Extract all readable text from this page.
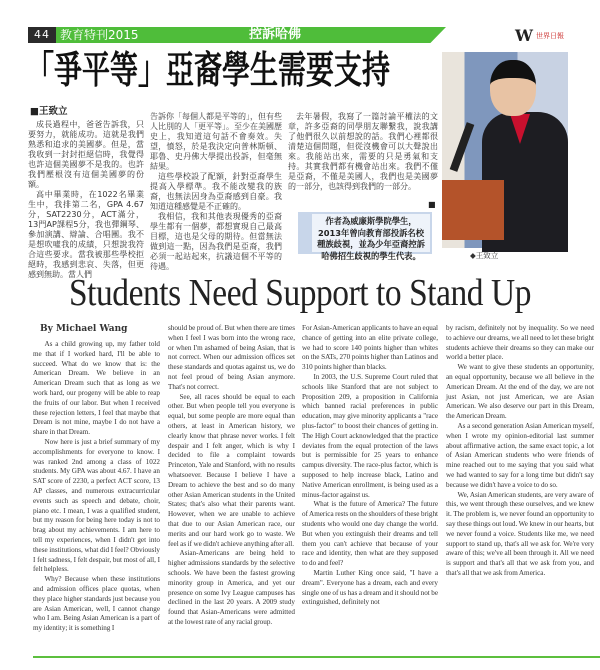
44 教育特刊2015	控訴哈佛	W 世界日報
「爭平等」亞裔學生需要支持
■王致立

成長過程中，爸爸告訴我，只要努力，就能成功。這就是我們熟悉和追求的美國夢。但是，當我收到一封封拒絕信時，我覺得也許這個美國夢不是我的。也許我們壓根沒有這個美國夢的份額。

高中畢業時，在1022名畢業生中，我排第二名，GPA 4.67分，SAT2230分，ACT滿分，13門AP課程5分，我也彈鋼琴、參加演講、辯論、合唱團。我不是想吹噓我的成績，只想說我符合這些要求。當我被那些學校拒絕時，我感到悲哀、失落，但更感到無助。當人們

告訴你「每個人都是平等的」，但有些人比別的人「更平等」。至少在美國歷史上，我知道這句話不會奏效。失望，憤怒，於是我決定向普林斯頓、耶魯、史丹佛大學提出投訴，但毫無結果。

這些學校設了配額，針對亞裔學生提高入學標準。我不能改變我的族裔，也無法因身為亞裔感到自豪。我知道這種感覺是不正確的。

我相信，我和其他表現優秀的亞裔學生都有一個夢，都想實現自己最高目標，這也是父母的期待。但當無法做到這一點，因為我們是亞裔，我們必須一起站起來，抗議這個不平等的待遇。

去年暑假，我寫了一篇討論平權法的文章，許多亞裔的同學朋友聯繫我，說我講了他們很久以前想說的話。我們心裡都很清楚這個問題，但從沒機會可以大聲說出來。我能站出來，需要的只是勇氣和支持。其實我們都有機會站出來。我們不僅是亞裔，不僅是美國人，我們也是美國夢的一部分，也該得到我們的一部分。

■
作者為威廉斯學院學生，2013年曾向教育部投訴名校種族歧視，並為少年亞裔控訴哈佛招生歧視的學生代表。	◆王致立
Students Need Support to Stand Up
By Michael Wang

As a child growing up, my father told me that if I worked hard, I'll be able to succeed. What do we know that is: the American Dream. We believe in an American Dream such that as long as we work hard, our progeny will be able to reap the fruits of our labor. But when I received these rejection letters, I feel that maybe that Dream is not mine, maybe I do not have a share in that Dream.

Now here is just a brief summary of my accomplishments for everyone to know. I was ranked 2nd among a class of 1022 students. My GPA was about 4.67. I have an SAT score of 2230, a perfect ACT score, 13 AP classes, and numerous extracurricular events such as speech and debate, choir, piano etc. I mean, I was a qualified student, but my reason for being here today is not to brag about my achievements. I am here to tell my experiences, when I didn't get into these institutions, what did I feel? Obviously I felt sadness, I felt despair, but most of all, I felt helpless.

Why? Because when these institutions and admission offices place quotas, when they place higher standards just because you are Asian American, well, I cannot change who I am. Being Asian American is a part of my identity; it is something I

should be proud of. But when there are times when I feel I was born into the wrong race, or when I'm ashamed of being Asian, that is not correct. When our admission offices set these standards and quotas against us, we do not feel proud of being Asian anymore. That's not correct.

See, all races should be equal to each other. But when people tell you everyone is equal, but some people are more equal than others, at least in American history, we clearly know that phrase never works. I felt despair and I felt anger, which is why I decided to file a complaint towards Princeton, Yale and Stanford, with no results whatsoever. Because I believe I have a Dream to achieve the best and so do many other Asian American students in the United States; that's also what their parents want. However, when we are unable to achieve that due to our Asian American race, our merits and our hard work go to waste. We feel as if we didn't achieve anything after all.

Asian-Americans are being held to higher admissions standards by the selective schools. We have been the fastest growing minority group in America, and yet our presence on some Ivy League campuses has declined in the last 20 years. A 2009 study found that Asian-Americans were admitted at the lowest rate of any racial group.

For Asian-American applicants to have an equal chance of getting into an elite private college, we had to score 140 points higher than whites on the SATs, 270 points higher than Latinos and 310 points higher than blacks.

In 2003, the U.S. Supreme Court ruled that schools like Stanford that are not subject to Proposition 209, a proposition in California which banned racial preferences in public education, may give minority applicants a "race plus-factor" to boost their chances of getting in. The High Court acknowledged that the practice deviates from the equal protection of the laws but is permissible for 25 years to enhance campus diversity. The race-plus factor, which is supposed to help increase black, Latino and Native American enrollment, is being used as a minus-factor against us.

What is the future of America? The future of America rests on the shoulders of these bright students who would one day change the world. But when you extinguish their dreams and tell them you can't achieve that because of your race and identity, then what are they supposed to do and feel?

Martin Luther King once said, "I have a dream". Everyone has a dream, each and every single one of us has a dream and it should not be extinguished, definitely not

by racism, definitely not by inequality. So we need to achieve our dreams, we all need to let these bright students achieve their dreams so they can make our world a better place.

We want to give these students an opportunity, an equal opportunity, because we all believe in the American Dream. At the end of the day, we are not just Asian, not just American, we are Asian American. We also deserve our part in this Dream, the American Dream.

As a second generation Asian American myself, when I wrote my opinion-editorial last summer about affirmative action, the same exact topic, a lot of Asian American students who were friends of mine reached out to me saying that you said what we had wanted to say for a long time but didn't say because we didn't have a voice to do so.

We, Asian American students, are very aware of this, we went through these ourselves, and we knew it. The problem is, we never found an opportunity to say these things out loud. We knew in our hearts, but we never found a voice. Students like me, we need support to stand up, that's all we ask for. We're very aware of this; we've all been through it. All we need is support and that's all that we ask from you, and that's all that we ask from America.
